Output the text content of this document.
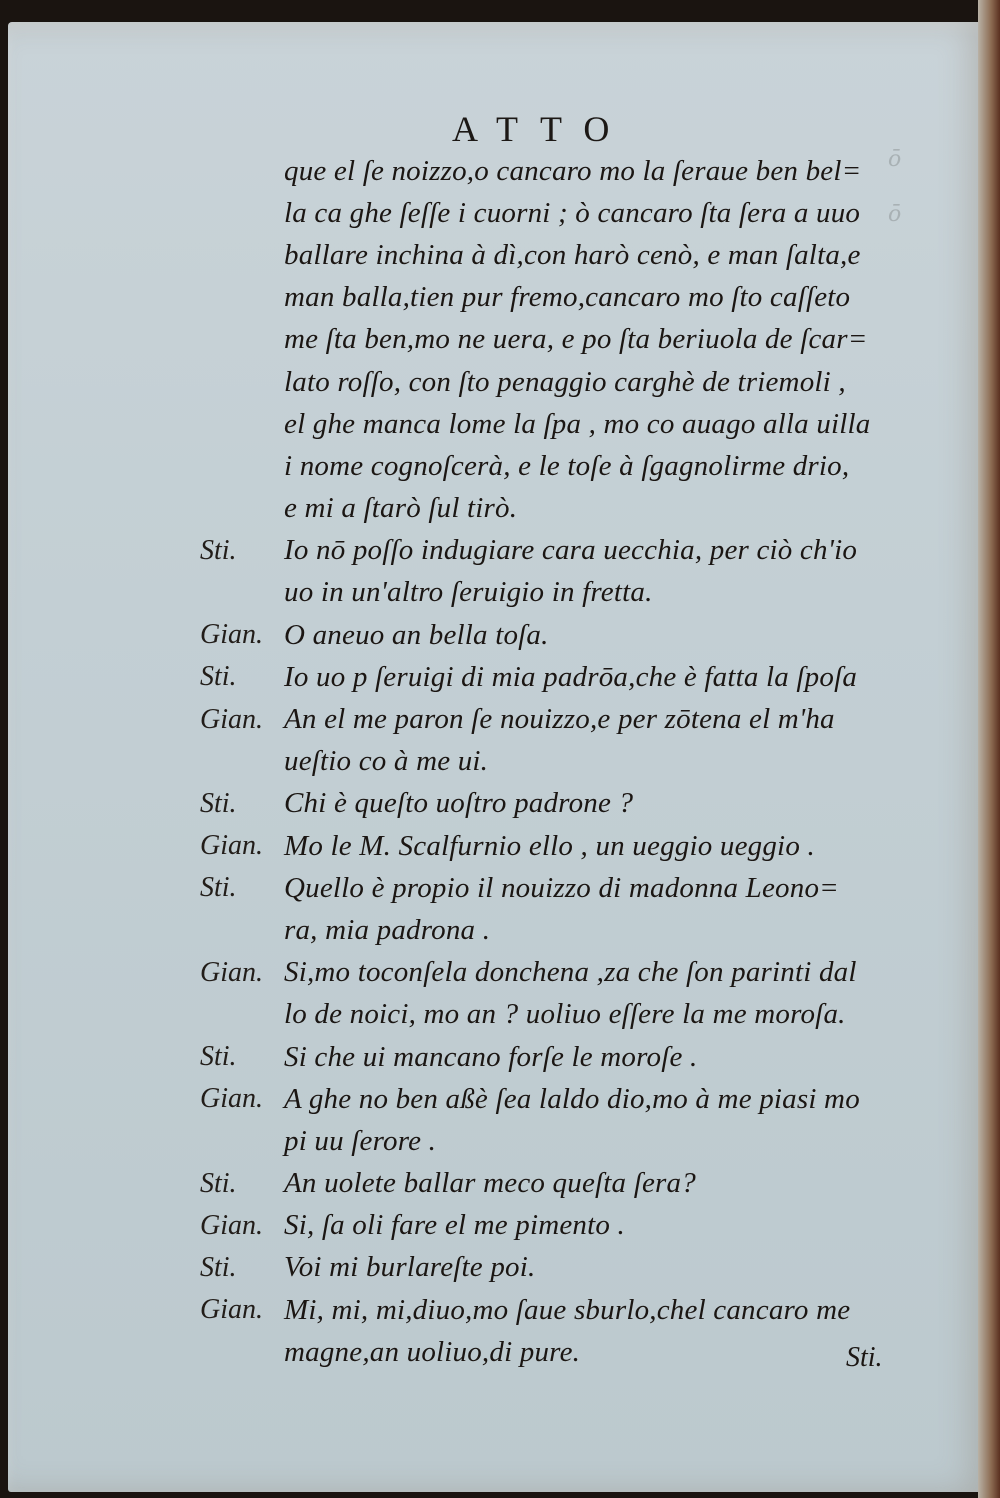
ō
ō
ATTO
que el ſe noizzo,o cancaro mo la ſeraue ben bel=
la ca ghe ſeſſe i cuorni ; ò cancaro ſta ſera a uuo
ballare inchina à dì,con harò cenò, e man ſalta,e
man balla,tien pur fremo,cancaro mo ſto caſſeto
me ſta ben,mo ne uera, e po ſta beriuola de ſcar=
lato roſſo, con ſto penaggio carghè de triemoli ,
el ghe manca lome la ſpa , mo co auago alla uilla
i nome cognoſcerà, e le toſe à ſgagnolirme drio,
e mi a ſtarò ſul tirò.
Sti.	Io nō poſſo indugiare cara uecchia, per ciò ch'io
uo in un'altro ſeruigio in fretta.
Gian. O aneuo an bella toſa.
Sti.	Io uo p ſeruigi di mia padrōa,che è fatta la ſpoſa
Gian. An el me paron ſe nouizzo,e per zōtena el m'ha
ueſtio co à me ui.
Sti.	Chi è queſto uoſtro padrone ?
Gian. Mo le M. Scalfurnio ello , un ueggio ueggio .
Sti.	Quello è propio il nouizzo di madonna Leono=
ra, mia padrona .
Gian. Si,mo toconſela donchena ,za che ſon parinti dal
lo de noici, mo an ? uoliuo eſſere la me moroſa.
Sti.	Si che ui mancano forſe le moroſe .
Gian. A ghe no ben aßè ſea laldo dio,mo à me piasi mo
pi uu ſerore .
Sti.	An uolete ballar meco queſta ſera?
Gian. Si, ſa oli fare el me pimento .
Sti.	Voi mi burlareſte poi.
Gian. Mi, mi, mi,diuo,mo ſaue sburlo,chel cancaro me
magne,an uoliuo,di pure.	Sti.
